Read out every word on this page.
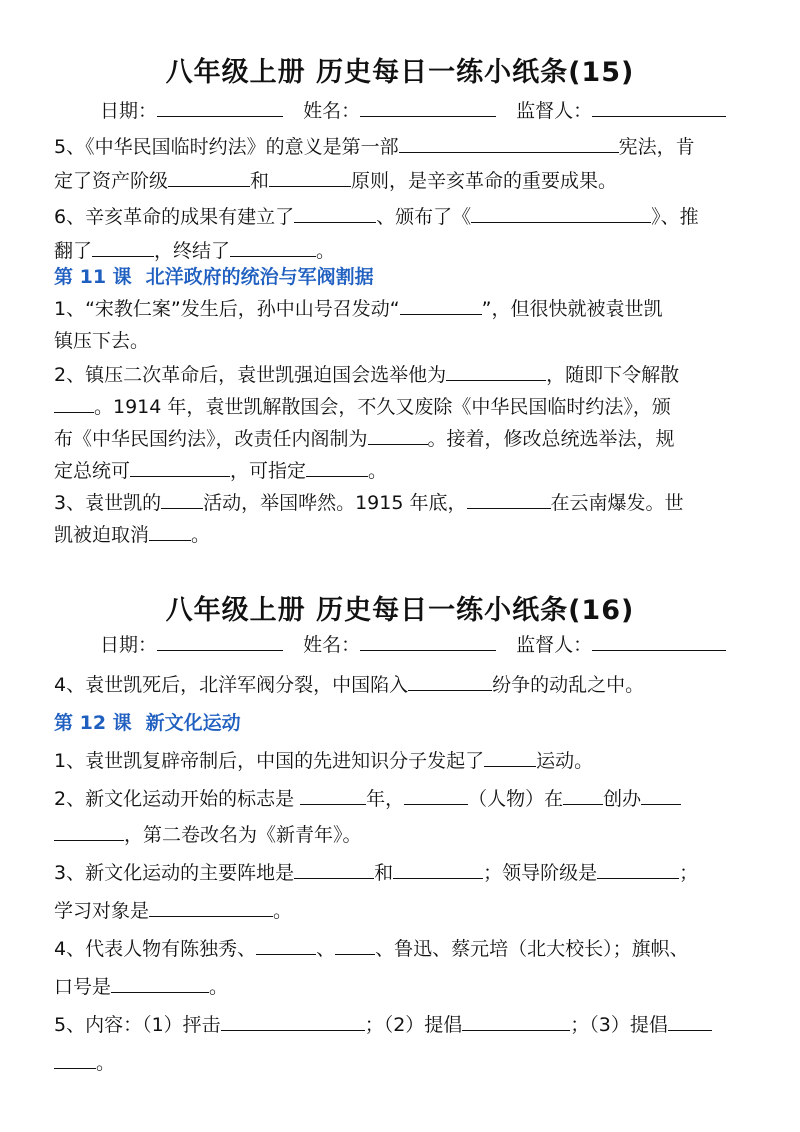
八年级上册 历史每日一练小纸条(15)
日期：	姓名：	监督人：
5、《中华民国临时约法》的意义是第一部	宪法，肯
定了资产阶级	和	原则，是辛亥革命的重要成果。
6、辛亥革命的成果有建立了	、颁布了《	》、推
翻了	，终结了	。
第 11 课 北洋政府的统治与军阀割据
1、“宋教仁案”发生后，孙中山号召发动“	”，但很快就被袁世凯
镇压下去。
2、镇压二次革命后，袁世凯强迫国会选举他为	，随即下令解散
。1914 年，袁世凯解散国会，不久又废除《中华民国临时约法》，颁
布《中华民国约法》，改责任内阁制为	。接着，修改总统选举法，规
定总统可	，可指定	。
3、袁世凯的 活动，举国哗然。1915 年底，	在云南爆发。世
凯被迫取消 。
八年级上册 历史每日一练小纸条(16)
日期：	姓名：	监督人：
4、袁世凯死后，北洋军阀分裂，中国陷入	纷争的动乱之中。
第 12 课 新文化运动
1、袁世凯复辟帝制后，中国的先进知识分子发起了	运动。
2、新文化运动开始的标志是	年，	（人物）在 创办
，第二卷改名为《新青年》。
3、新文化运动的主要阵地是	和	；领导阶级是	；
学习对象是	。
4、代表人物有陈独秀、	、 、鲁迅、蔡元培（北大校长）；旗帜、
口号是	。
5、内容：（1）抨击	；（2）提倡	；（3）提倡
。
